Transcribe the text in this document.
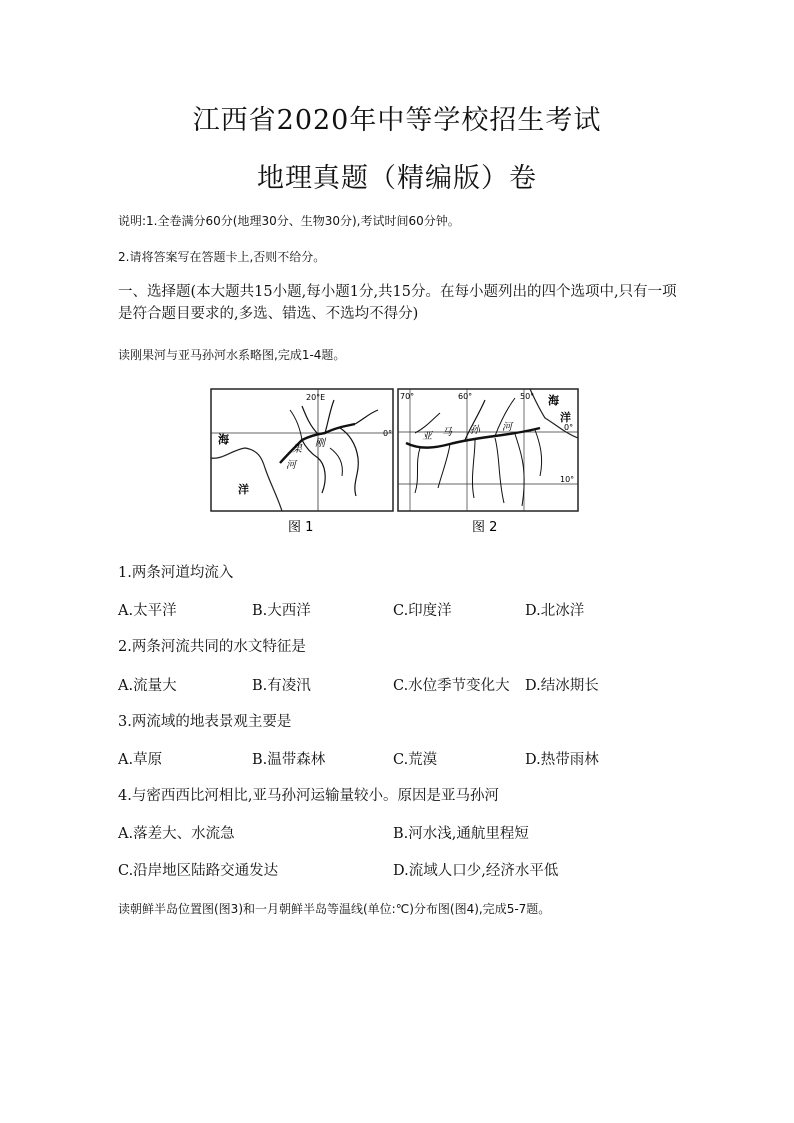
江西省2020年中等学校招生考试
地理真题（精编版）卷
说明:1.全卷满分60分(地理30分、生物30分),考试时间60分钟。
2.请将答案写在答题卡上,否则不给分。
一、选择题(本大题共15小题,每小题1分,共15分。在每小题列出的四个选项中,只有一项
是符合题目要求的,多选、错选、不选均不得分)
读刚果河与亚马孙河水系略图,完成1-4题。
20°E
0°
海
洋
刚
果
河
70°	60°	50°
0°
10°
海
洋
亚 马 孙 河
图 1	图 2
1.两条河道均流入
A.太平洋	B.大西洋	C.印度洋	D.北冰洋
2.两条河流共同的水文特征是
A.流量大	B.有凌汛	C.水位季节变化大 D.结冰期长
3.两流域的地表景观主要是
A.草原	B.温带森林	C.荒漠	D.热带雨林
4.与密西西比河相比,亚马孙河运输量较小。原因是亚马孙河
A.落差大、水流急	B.河水浅,通航里程短
C.沿岸地区陆路交通发达	D.流域人口少,经济水平低
读朝鲜半岛位置图(图3)和一月朝鲜半岛等温线(单位:℃)分布图(图4),完成5-7题。
